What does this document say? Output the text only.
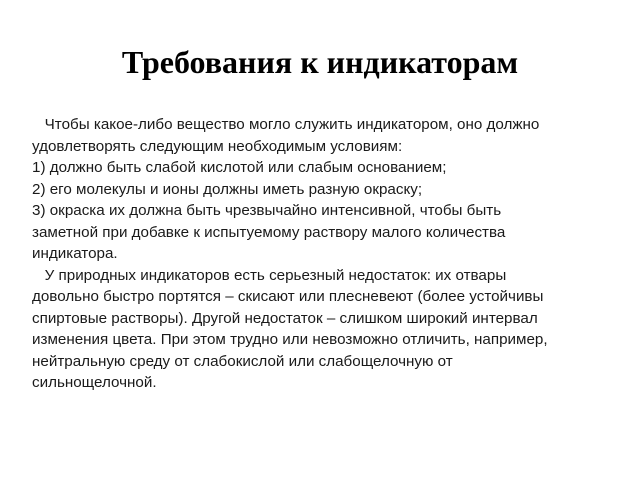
Требования к индикаторам
Чтобы какое-либо вещество могло служить индикатором, оно должно
удовлетворять следующим необходимым условиям:
1) должно быть слабой кислотой или слабым основанием;
2) его молекулы и ионы должны иметь разную окраску;
3) окраска их должна быть чрезвычайно интенсивной, чтобы быть
заметной при добавке к испытуемому раствору малого количества
индикатора.
У природных индикаторов есть серьезный недостаток: их отвары
довольно быстро портятся – скисают или плесневеют (более устойчивы
спиртовые растворы). Другой недостаток – слишком широкий интервал
изменения цвета. При этом трудно или невозможно отличить, например,
нейтральную среду от слабокислой или слабощелочную от
сильнощелочной.
